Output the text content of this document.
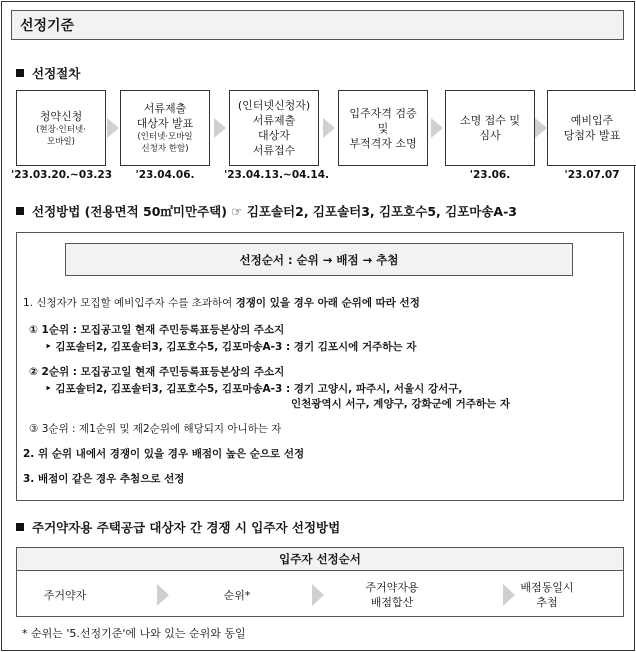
선정기준
선정절차
청약신청
(현장·인터넷·
모바일)
'23.03.20.~03.23
서류제출
대상자 발표
(인터넷·모바일
신청자 한함)
'23.04.06.
(인터넷신청자)
서류제출
대상자
서류접수
'23.04.13.~04.14.
입주자격 검증
및
부적격자 소명
소명 접수 및
심사
'23.06.
예비입주
당첨자 발표
'23.07.07
선정방법 (전용면적 50㎡미만주택) ☞ 김포솔터2, 김포솔터3, 김포호수5, 김포마송A-3
선정순서 : 순위 → 배점 → 추첨
1. 신청자가 모집할 예비입주자 수를 초과하여 경쟁이 있을 경우 아래 순위에 따라 선정
① 1순위 : 모집공고일 현재 주민등록표등본상의 주소지
‣ 김포솔터2, 김포솔터3, 김포호수5, 김포마송A-3 : 경기 김포시에 거주하는 자
② 2순위 : 모집공고일 현재 주민등록표등본상의 주소지
‣ 김포솔터2, 김포솔터3, 김포호수5, 김포마송A-3 : 경기 고양시, 파주시, 서울시 강서구,
인천광역시 서구, 계양구, 강화군에 거주하는 자
③ 3순위 : 제1순위 및 제2순위에 해당되지 아니하는 자
2. 위 순위 내에서 경쟁이 있을 경우 배점이 높은 순으로 선정
3. 배점이 같은 경우 추첨으로 선정
주거약자용 주택공급 대상자 간 경쟁 시 입주자 선정방법
입주자 선정순서
주거약자	순위*
주거약자용
배점합산
배점동일시
추첨
* 순위는 '5.선정기준'에 나와 있는 순위와 동일
